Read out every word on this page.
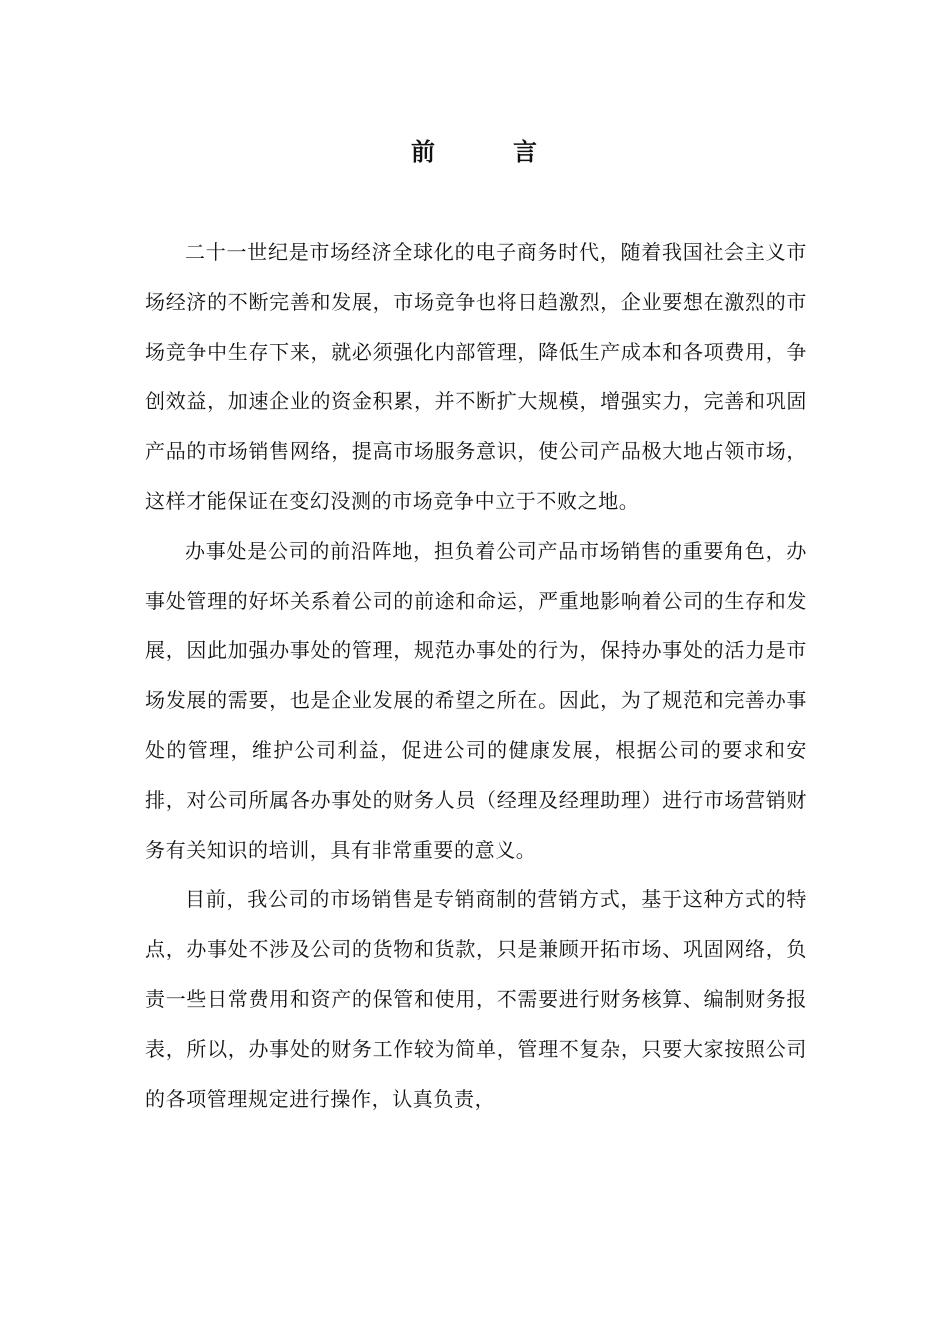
前	言

二十一世纪是市场经济全球化的电子商务时代，随着我国社会主义市场经济的不断完善和发展，市场竞争也将日趋激烈，企业要想在激烈的市场竞争中生存下来，就必须强化内部管理，降低生产成本和各项费用，争创效益，加速企业的资金积累，并不断扩大规模，增强实力，完善和巩固产品的市场销售网络，提高市场服务意识，使公司产品极大地占领市场，这样才能保证在变幻没测的市场竞争中立于不败之地。

办事处是公司的前沿阵地，担负着公司产品市场销售的重要角色，办事处管理的好坏关系着公司的前途和命运，严重地影响着公司的生存和发展，因此加强办事处的管理，规范办事处的行为，保持办事处的活力是市场发展的需要，也是企业发展的希望之所在。因此，为了规范和完善办事处的管理，维护公司利益，促进公司的健康发展，根据公司的要求和安排，对公司所属各办事处的财务人员（经理及经理助理）进行市场营销财务有关知识的培训，具有非常重要的意义。

目前，我公司的市场销售是专销商制的营销方式，基于这种方式的特点，办事处不涉及公司的货物和货款，只是兼顾开拓市场、巩固网络，负责一些日常费用和资产的保管和使用，不需要进行财务核算、编制财务报表，所以，办事处的财务工作较为简单，管理不复杂，只要大家按照公司的各项管理规定进行操作，认真负责，
